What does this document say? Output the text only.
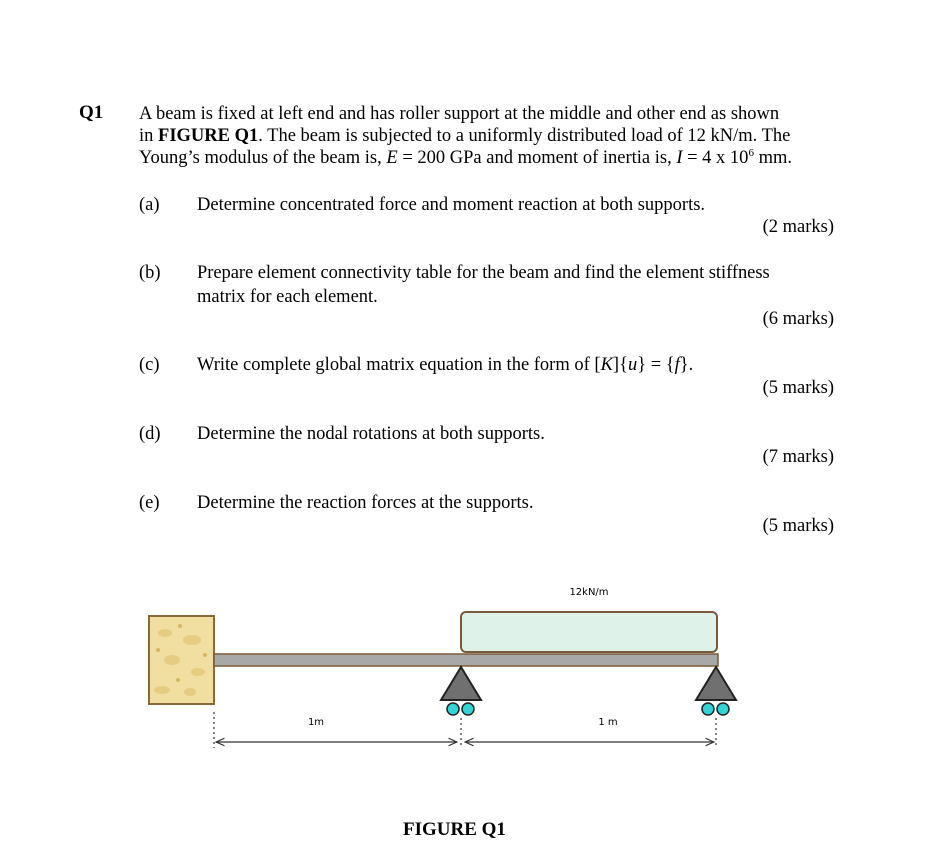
Q1 A beam is fixed at left end and has roller support at the middle and other end as shown
in FIGURE Q1. The beam is subjected to a uniformly distributed load of 12 kN/m. The
Young’s modulus of the beam is, E = 200 GPa and moment of inertia is, I = 4 x $10^6$ mm.
(a) Determine concentrated force and moment reaction at both supports.
(2 marks)
(b) Prepare element connectivity table for the beam and find the element stiffness
matrix for each element.
(6 marks)
(c) Write complete global matrix equation in the form of [K]{u} = {f}.
(5 marks)
(d) Determine the nodal rotations at both supports.
(7 marks)
(e) Determine the reaction forces at the supports.
(5 marks)
12kN/m
1m	1 m
FIGURE Q1
